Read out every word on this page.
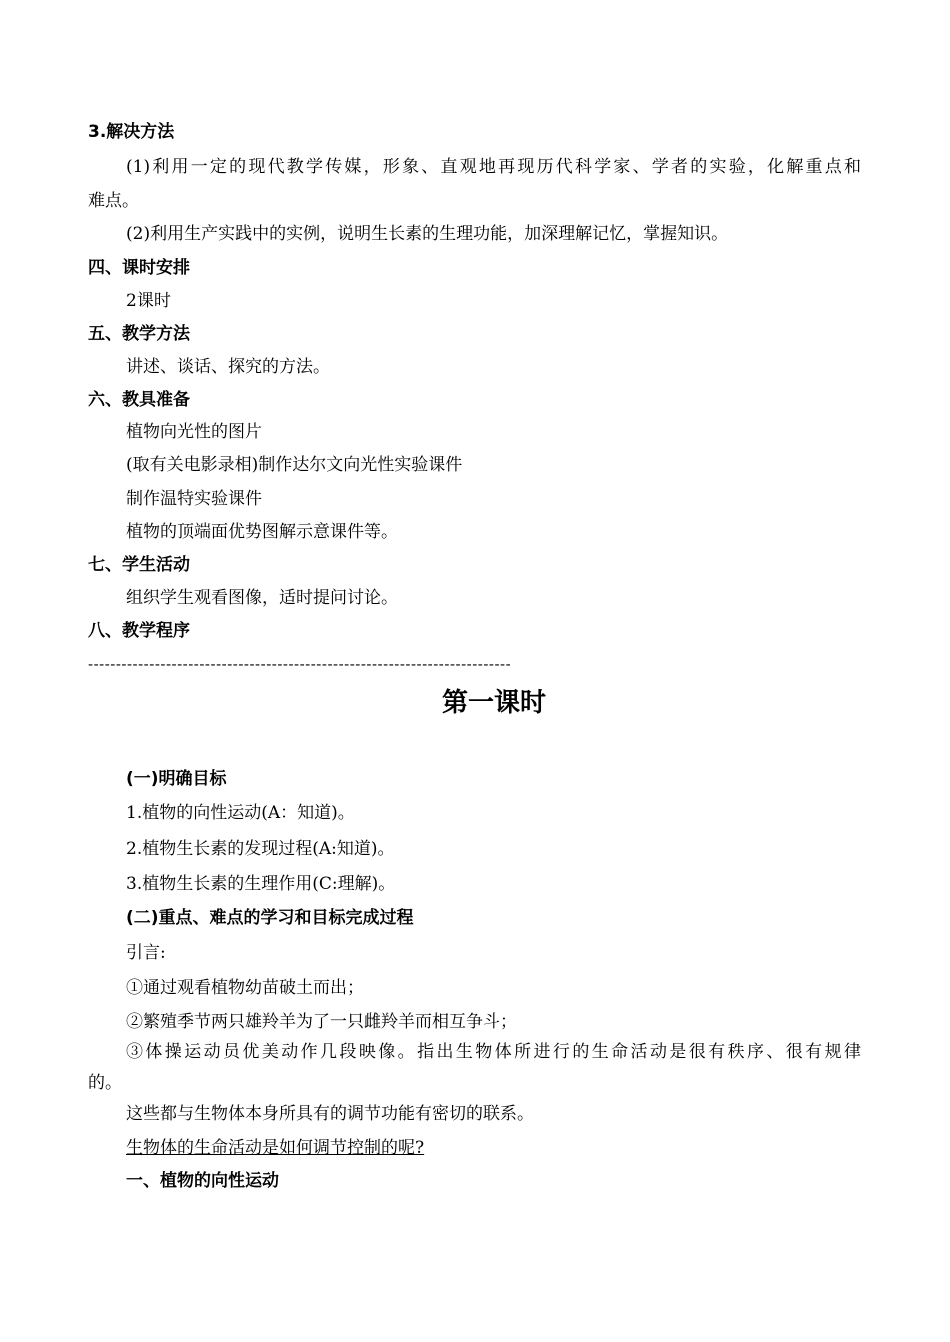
3.解决方法
(1)利用一定的现代教学传媒，形象、直观地再现历代科学家、学者的实验，化解重点和
难点。
(2)利用生产实践中的实例，说明生长素的生理功能，加深理解记忆，掌握知识。
四、课时安排
2课时
五、教学方法
讲述、谈话、探究的方法。
六、教具准备
植物向光性的图片
(取有关电影录相)制作达尔文向光性实验课件
制作温特实验课件
植物的顶端面优势图解示意课件等。
七、学生活动
组织学生观看图像，适时提问讨论。
八、教学程序
----------------------------------------------------------------------------
第一课时
(一)明确目标
1.植物的向性运动(A：知道)。
2.植物生长素的发现过程(A:知道)。
3.植物生长素的生理作用(C:理解)。
(二)重点、难点的学习和目标完成过程
引言:
①通过观看植物幼苗破土而出；
②繁殖季节两只雄羚羊为了一只雌羚羊而相互争斗；
③体操运动员优美动作几段映像。指出生物体所进行的生命活动是很有秩序、很有规律
的。
这些都与生物体本身所具有的调节功能有密切的联系。
生物体的生命活动是如何调节控制的呢?
一、植物的向性运动
